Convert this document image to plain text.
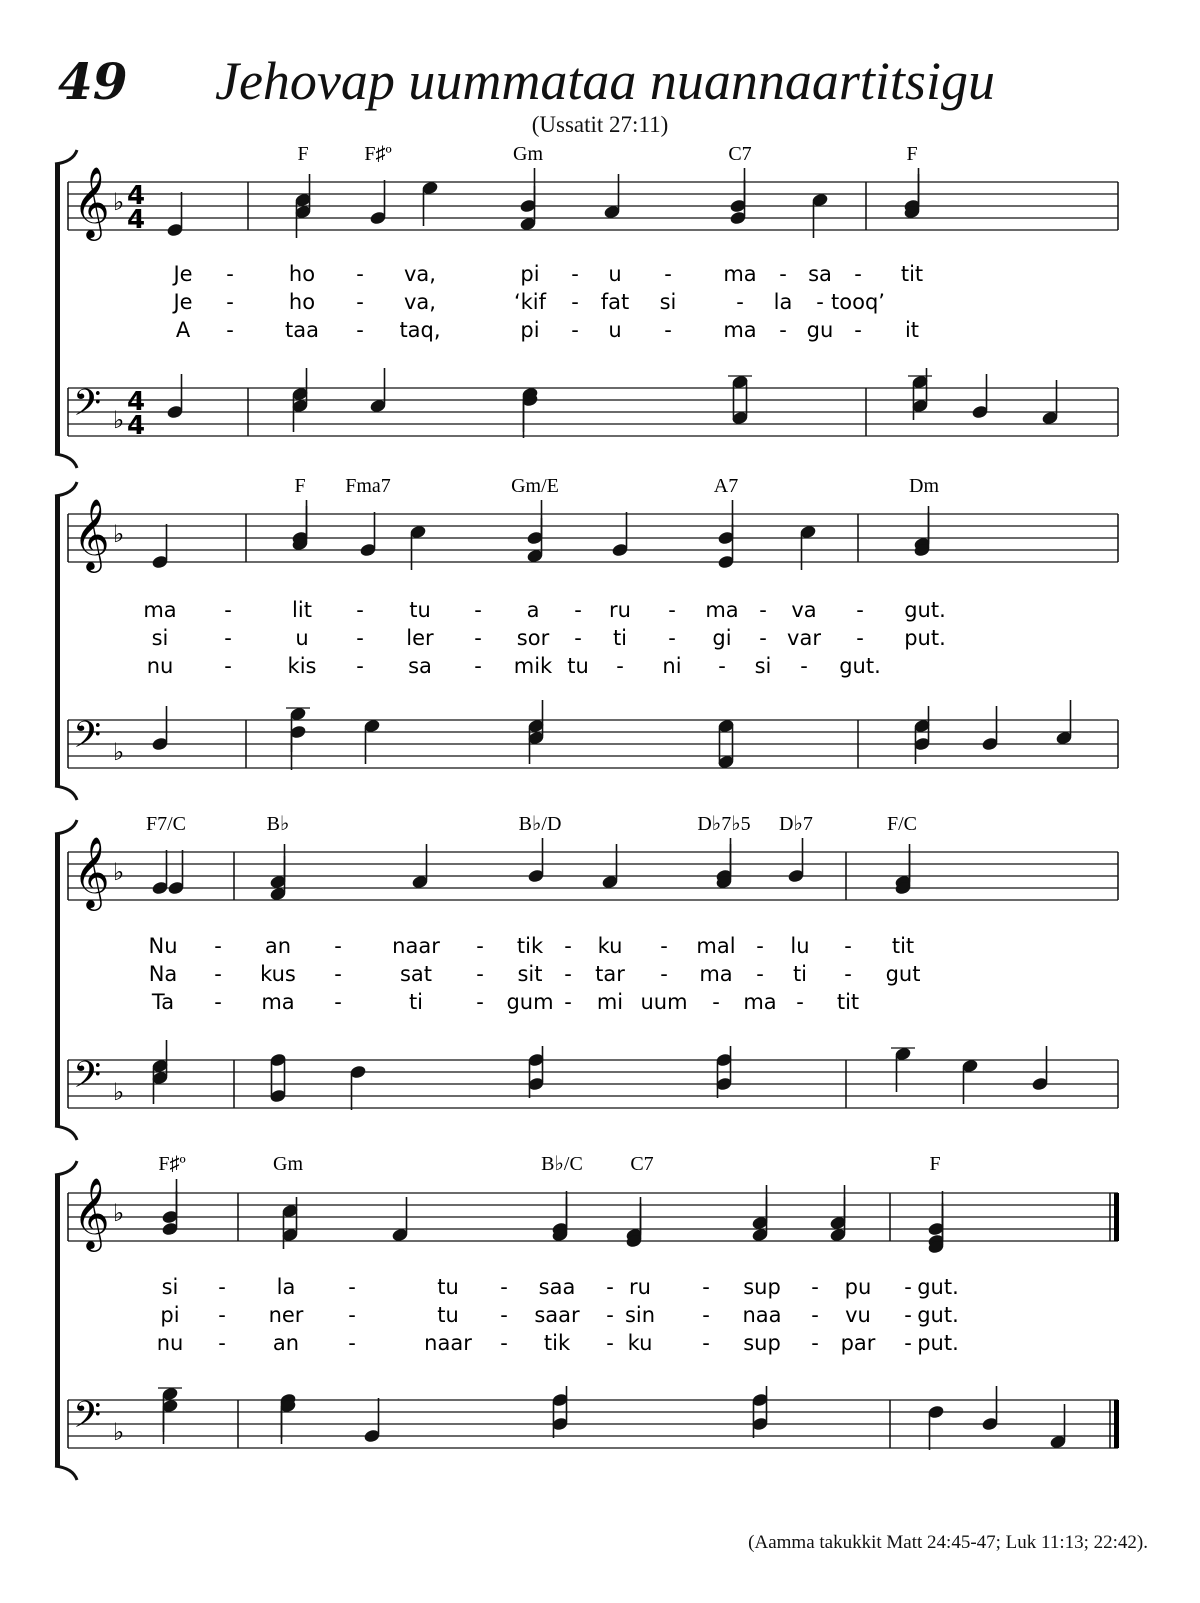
49 Jehovap uummataa nuannaartitsigu
(Ussatit 27:11)
𝄞
𝄢
♭
♭
4
4
4
4
F	F♯º	Gm	C7	F
Je -	ho - va,	pi - u - ma - sa - tit
Je -	ho - va,	‘kif - fat si	- la - tooq’
A - taa - taq,	pi - u - ma - gu - it
𝄞
𝄢
♭
♭
F Fma7	Gm/E	A7	Dm
ma -	lit - tu - a - ru - ma - va - gut.
si	-	u - ler - sor - ti - gi - var - put.
nu -	kis - sa - mik tu - ni - si - gut.
𝄞
𝄢
♭
♭
F7/C	B♭	B♭/D	D♭7♭5 D♭7	F/C
Nu - an - naar - tik - ku - mal - lu - tit
Na - kus -	sat - sit - tar - ma - ti - gut
Ta - ma -	ti	- gum - mi uum - ma - tit
𝄞
𝄢
♭
♭
F♯º	Gm	B♭/C C7	F
si - la	-	tu - saa - ru - sup - pu - gut.
pi - ner -	tu - saar - sin - naa - vu - gut.
nu - an -	naar - tik - ku - sup - par - put.
(Aamma takukkit Matt 24:45-47; Luk 11:13; 22:42).
